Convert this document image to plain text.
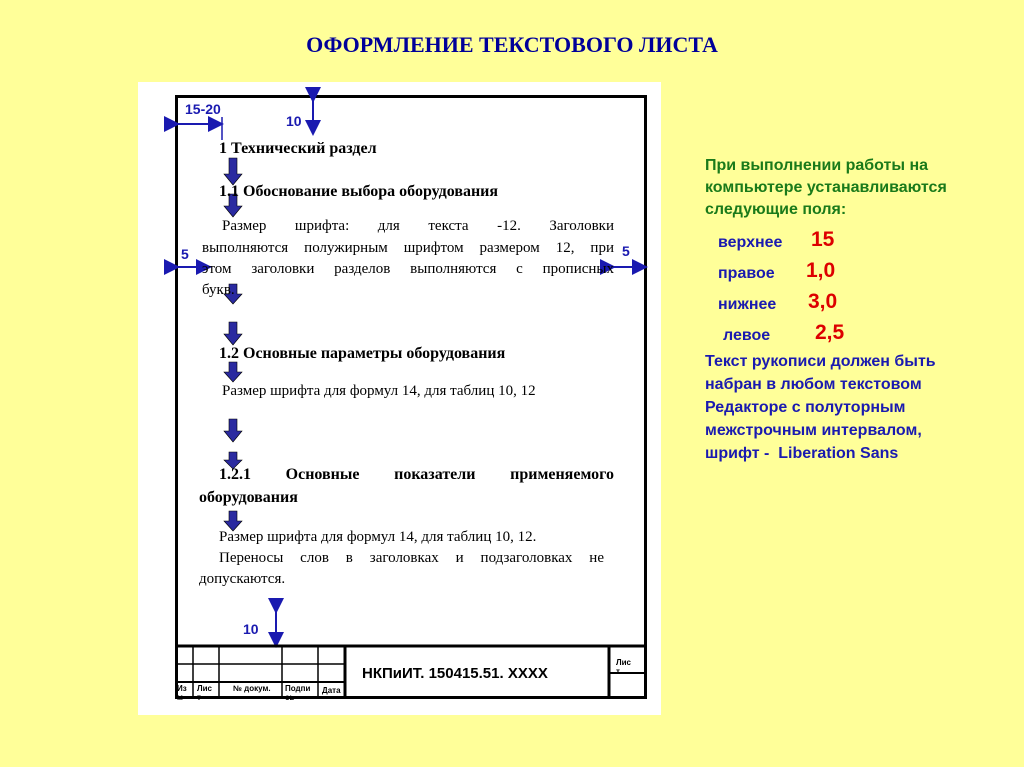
ОФОРМЛЕНИЕ ТЕКСТОВОГО ЛИСТА
15-20
10
5	5
10
1 Технический раздел
1.1 Обоснование выбора оборудования
Размер шрифта: для текста -12. Заголовки
выполняются полужирным шрифтом размером 12, при
этом заголовки разделов выполняются с прописных
букв.
1.2 Основные параметры оборудования
Размер шрифта для формул 14, для таблиц 10, 12
1.2.1 Основные показатели применяемого
оборудования
Размер шрифта для формул 14, для таблиц 10, 12.
Переносы слов в заголовках и подзаголовках не
допускаются.
Из м
Лис т
№ докум. Подпи сь
Дата
НКПиИТ. 150415.51. ХХХХ
Лис т
При выполнении работы на
компьютере устанавливаются
следующие поля:
верхнее 15
правое 1,0
нижнее 3,0
левое 2,5
Текст рукописи должен быть
набран в любом текстовом
Редакторе с полуторным
межстрочным интервалом,
шрифт -  Liberation Sans
